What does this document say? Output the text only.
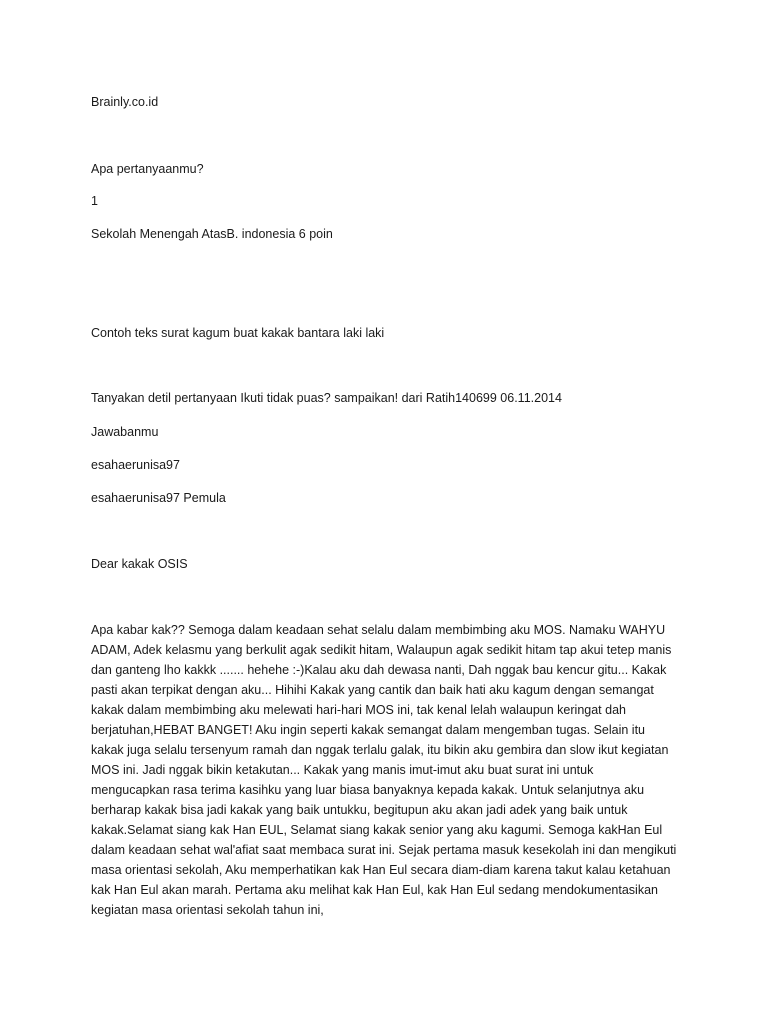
Brainly.co.id

Apa pertanyaanmu?

1

Sekolah Menengah AtasB. indonesia 6 poin

Contoh teks surat kagum buat kakak bantara laki laki

Tanyakan detil pertanyaan Ikuti tidak puas? sampaikan! dari Ratih140699 06.11.2014

Jawabanmu

esahaerunisa97

esahaerunisa97 Pemula

Dear kakak OSIS

Apa kabar kak?? Semoga dalam keadaan sehat selalu dalam membimbing aku MOS. Namaku WAHYU
ADAM, Adek kelasmu yang berkulit agak sedikit hitam, Walaupun agak sedikit hitam tap akui tetep manis
dan ganteng lho kakkk ....... hehehe :-)Kalau aku dah dewasa nanti, Dah nggak bau kencur gitu... Kakak
pasti akan terpikat dengan aku... Hihihi Kakak yang cantik dan baik hati aku kagum dengan semangat
kakak dalam membimbing aku melewati hari-hari MOS ini, tak kenal lelah walaupun keringat dah
berjatuhan,HEBAT BANGET! Aku ingin seperti kakak semangat dalam mengemban tugas. Selain itu
kakak juga selalu tersenyum ramah dan nggak terlalu galak, itu bikin aku gembira dan slow ikut kegiatan
MOS ini. Jadi nggak bikin ketakutan... Kakak yang manis imut-imut aku buat surat ini untuk
mengucapkan rasa terima kasihku yang luar biasa banyaknya kepada kakak. Untuk selanjutnya aku
berharap kakak bisa jadi kakak yang baik untukku, begitupun aku akan jadi adek yang baik untuk
kakak.Selamat siang kak Han EUL, Selamat siang kakak senior yang aku kagumi. Semoga kakHan Eul
dalam keadaan sehat wal'afiat saat membaca surat ini. Sejak pertama masuk kesekolah ini dan mengikuti
masa orientasi sekolah, Aku memperhatikan kak Han Eul secara diam-diam karena takut kalau ketahuan
kak Han Eul akan marah. Pertama aku melihat kak Han Eul, kak Han Eul sedang mendokumentasikan
kegiatan masa orientasi sekolah tahun ini,
